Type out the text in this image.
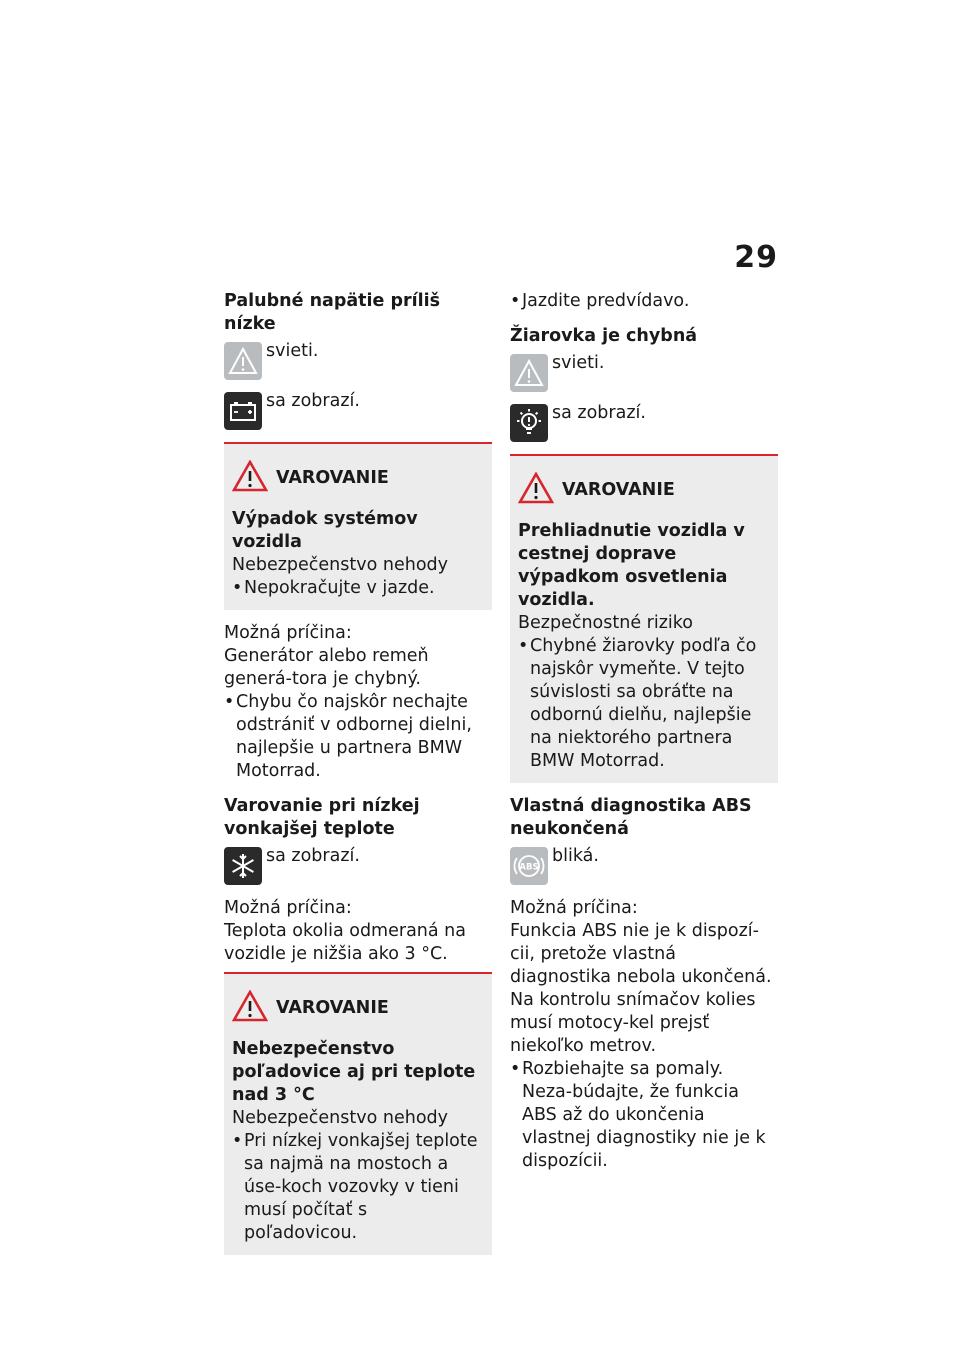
29
Palubné napätie príliš nízke
svieti.
sa zobrazí.
VAROVANIE
Výpadok systémov vozidla
Nebezpečenstvo nehody
• Nepokračujte v jazde.
Možná príčina:
Generátor alebo remeň generá-tora je chybný.
• Chybu čo najskôr nechajte odstrániť v odbornej dielni, najlepšie u partnera BMW Motorrad.
Varovanie pri nízkej vonkajšej teplote
sa zobrazí.
Možná príčina:
Teplota okolia odmeraná na vozidle je nižšia ako 3 °C.
VAROVANIE
Nebezpečenstvo poľadovice aj pri teplote nad 3 °C
Nebezpečenstvo nehody
• Pri nízkej vonkajšej teplote sa najmä na mostoch a úse-koch vozovky v tieni musí počítať s poľadovicou.
• Jazdite predvídavo.
Žiarovka je chybná
svieti.
sa zobrazí.
VAROVANIE
Prehliadnutie vozidla v cestnej doprave výpadkom osvetlenia vozidla.
Bezpečnostné riziko
• Chybné žiarovky podľa čo najskôr vymeňte. V tejto súvislosti sa obráťte na odbornú dielňu, najlepšie na niektorého partnera BMW Motorrad.
Vlastná diagnostika ABS neukončená
ABS
bliká.
Možná príčina:
Funkcia ABS nie je k dispozí-cii, pretože vlastná diagnostika nebola ukončená. Na kontrolu snímačov kolies musí motocy-kel prejsť niekoľko metrov.
• Rozbiehajte sa pomaly. Neza-búdajte, že funkcia ABS až do ukončenia vlastnej diagnostiky nie je k dispozícii.
